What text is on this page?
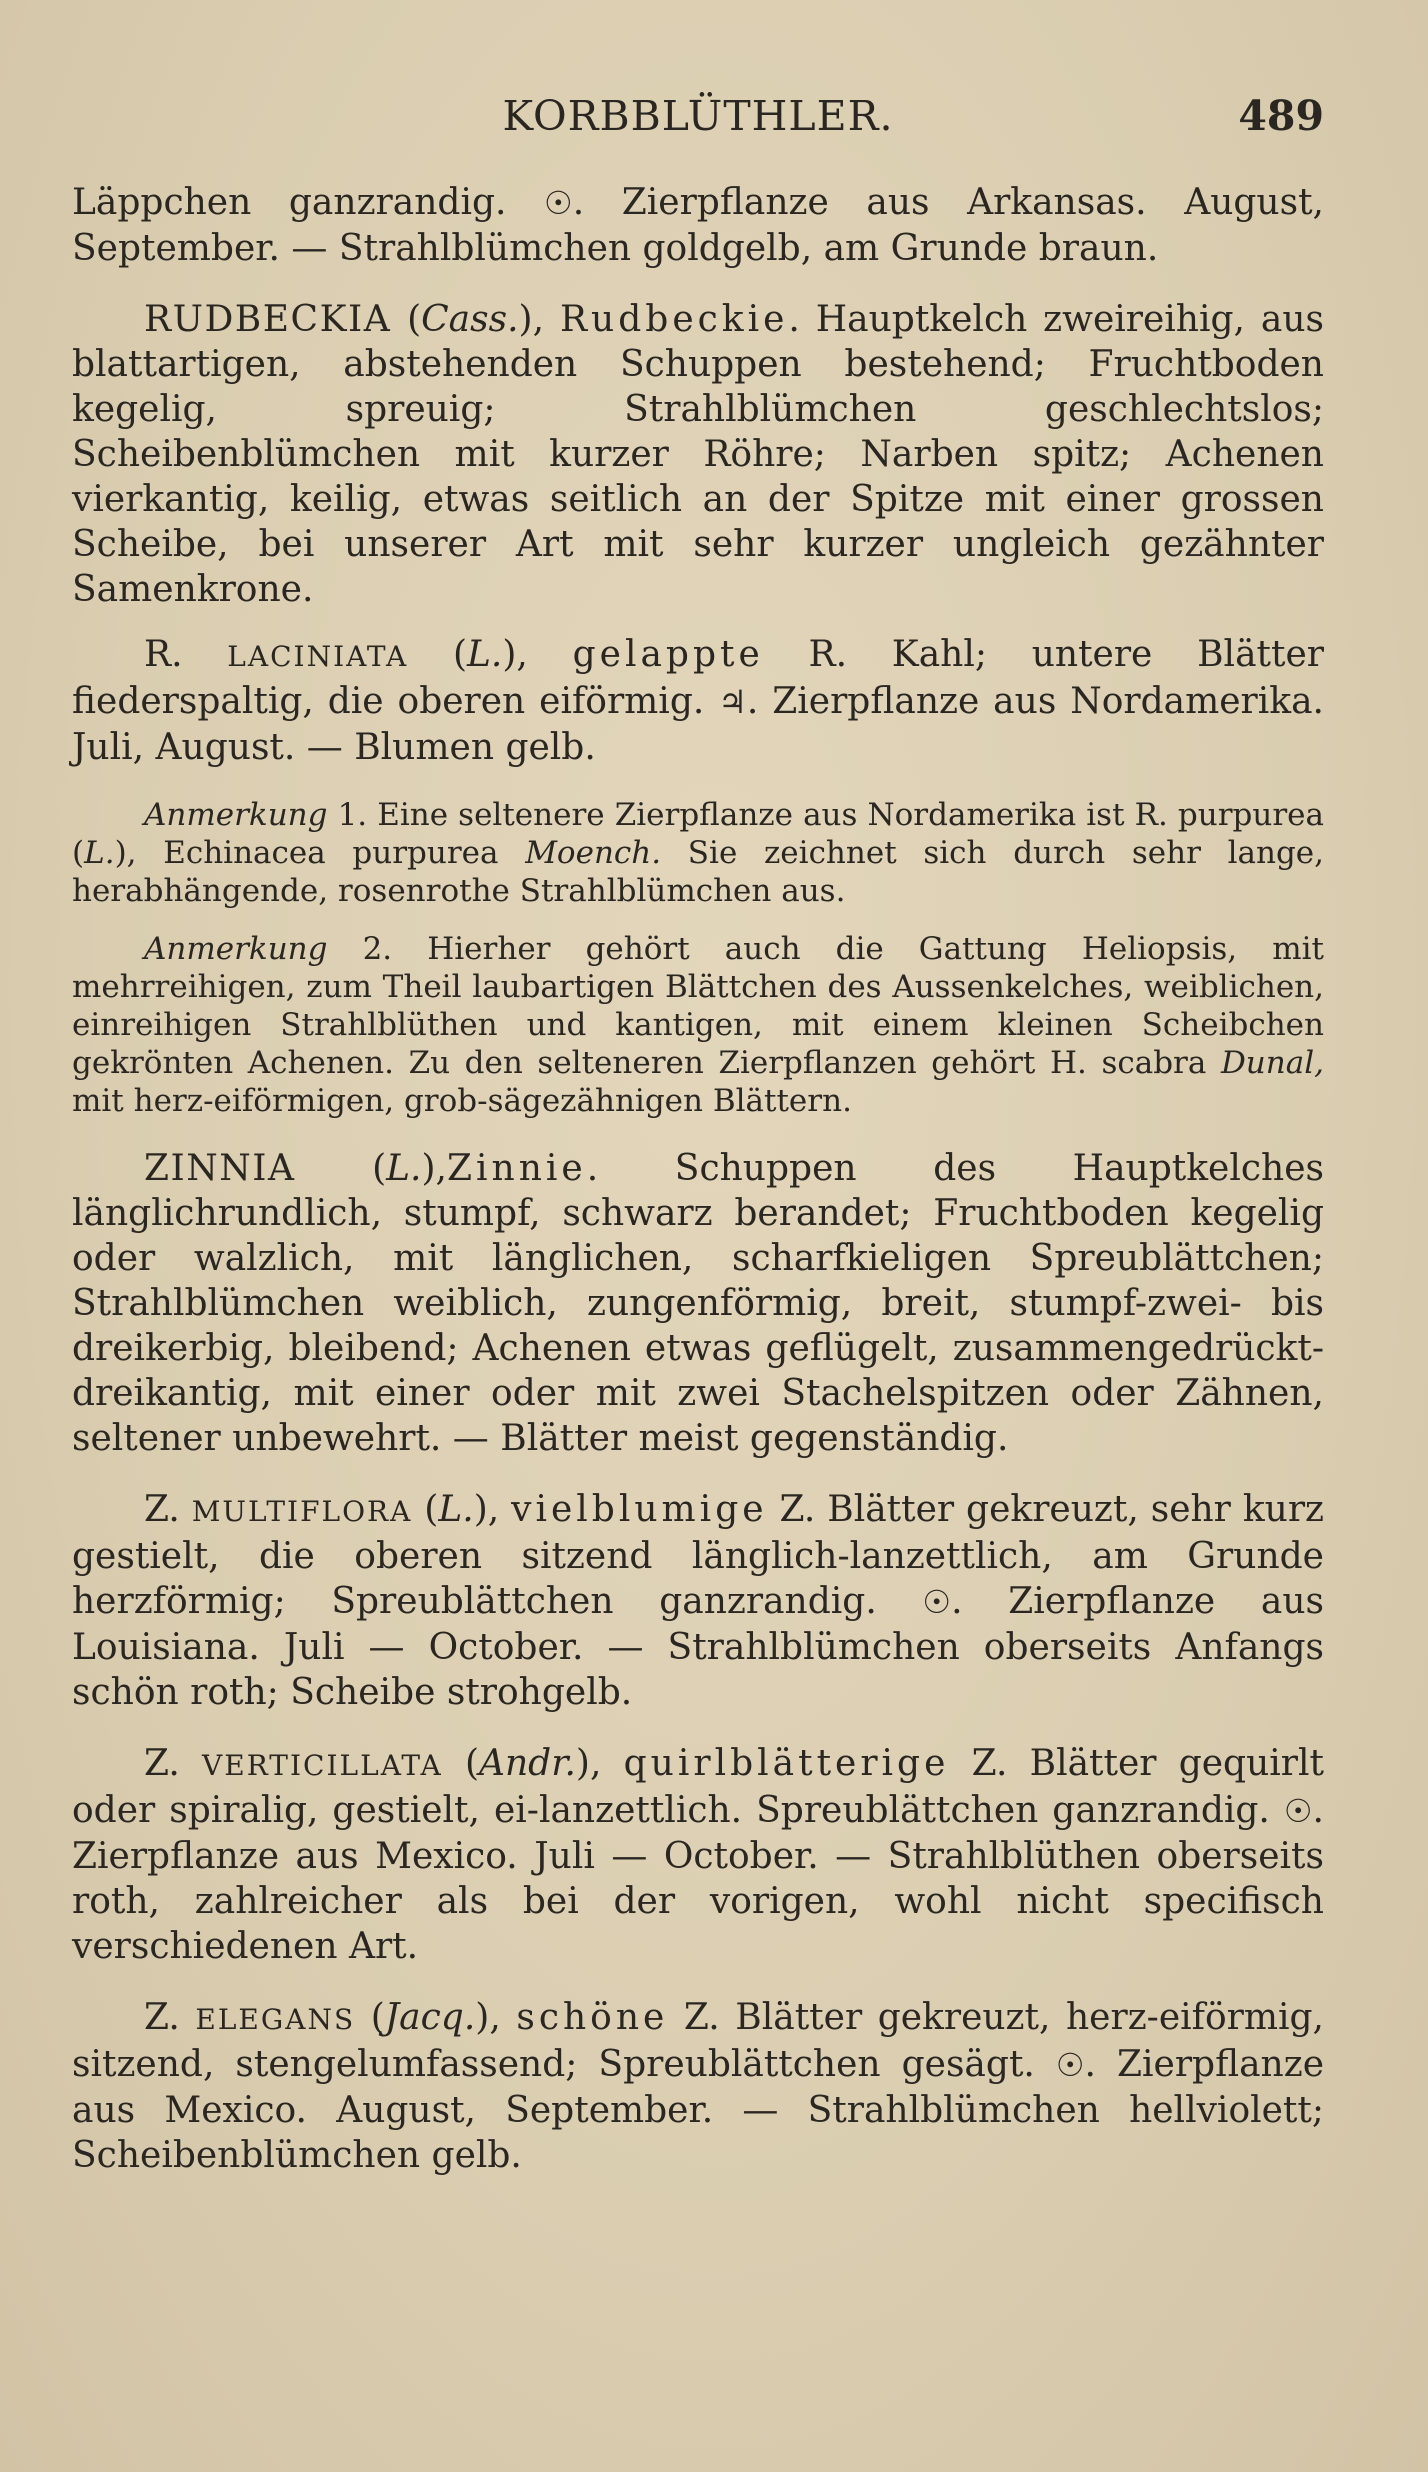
KORBBLÜTHLER.	489
Läppchen ganzrandig. ☉. Zierpflanze aus Arkansas. August, September. — Strahlblümchen goldgelb, am Grunde braun.
RUDBECKIA (Cass.), Rudbeckie. Hauptkelch zweireihig, aus blattartigen, abstehenden Schuppen bestehend; Fruchtboden kegelig, spreuig; Strahlblümchen geschlechtslos; Scheibenblümchen mit kurzer Röhre; Narben spitz; Achenen vierkantig, keilig, etwas seitlich an der Spitze mit einer grossen Scheibe, bei unserer Art mit sehr kurzer ungleich gezähnter Samenkrone.
R. LACINIATA (L.), gelappte R. Kahl; untere Blätter fiederspaltig, die oberen eiförmig. ♃. Zierpflanze aus Nordamerika. Juli, August. — Blumen gelb.
Anmerkung 1. Eine seltenere Zierpflanze aus Nordamerika ist R. purpurea (L.), Echinacea purpurea Moench. Sie zeichnet sich durch sehr lange, herabhängende, rosenrothe Strahlblümchen aus.
Anmerkung 2. Hierher gehört auch die Gattung Heliopsis, mit mehrreihigen, zum Theil laubartigen Blättchen des Aussenkelches, weiblichen, einreihigen Strahlblüthen und kantigen, mit einem kleinen Scheibchen gekrönten Achenen. Zu den selteneren Zierpflanzen gehört H. scabra Dunal, mit herz-eiförmigen, grob-sägezähnigen Blättern.
ZINNIA (L.),Zinnie. Schuppen des Hauptkelches länglichrundlich, stumpf, schwarz berandet; Fruchtboden kegelig oder walzlich, mit länglichen, scharfkieligen Spreublättchen; Strahlblümchen weiblich, zungenförmig, breit, stumpf-zwei- bis dreikerbig, bleibend; Achenen etwas geflügelt, zusammengedrückt-dreikantig, mit einer oder mit zwei Stachelspitzen oder Zähnen, seltener unbewehrt. — Blätter meist gegenständig.
Z. MULTIFLORA (L.), vielblumige Z. Blätter gekreuzt, sehr kurz gestielt, die oberen sitzend länglich-lanzettlich, am Grunde herzförmig; Spreublättchen ganzrandig. ☉. Zierpflanze aus Louisiana. Juli — October. — Strahlblümchen oberseits Anfangs schön roth; Scheibe strohgelb.
Z. VERTICILLATA (Andr.), quirlblätterige Z. Blätter gequirlt oder spiralig, gestielt, ei-lanzettlich. Spreublättchen ganzrandig. ☉. Zierpflanze aus Mexico. Juli — October. — Strahlblüthen oberseits roth, zahlreicher als bei der vorigen, wohl nicht specifisch verschiedenen Art.
Z. ELEGANS (Jacq.), schöne Z. Blätter gekreuzt, herz-eiförmig, sitzend, stengelumfassend; Spreublättchen gesägt. ☉. Zierpflanze aus Mexico. August, September. — Strahlblümchen hellviolett; Scheibenblümchen gelb.
